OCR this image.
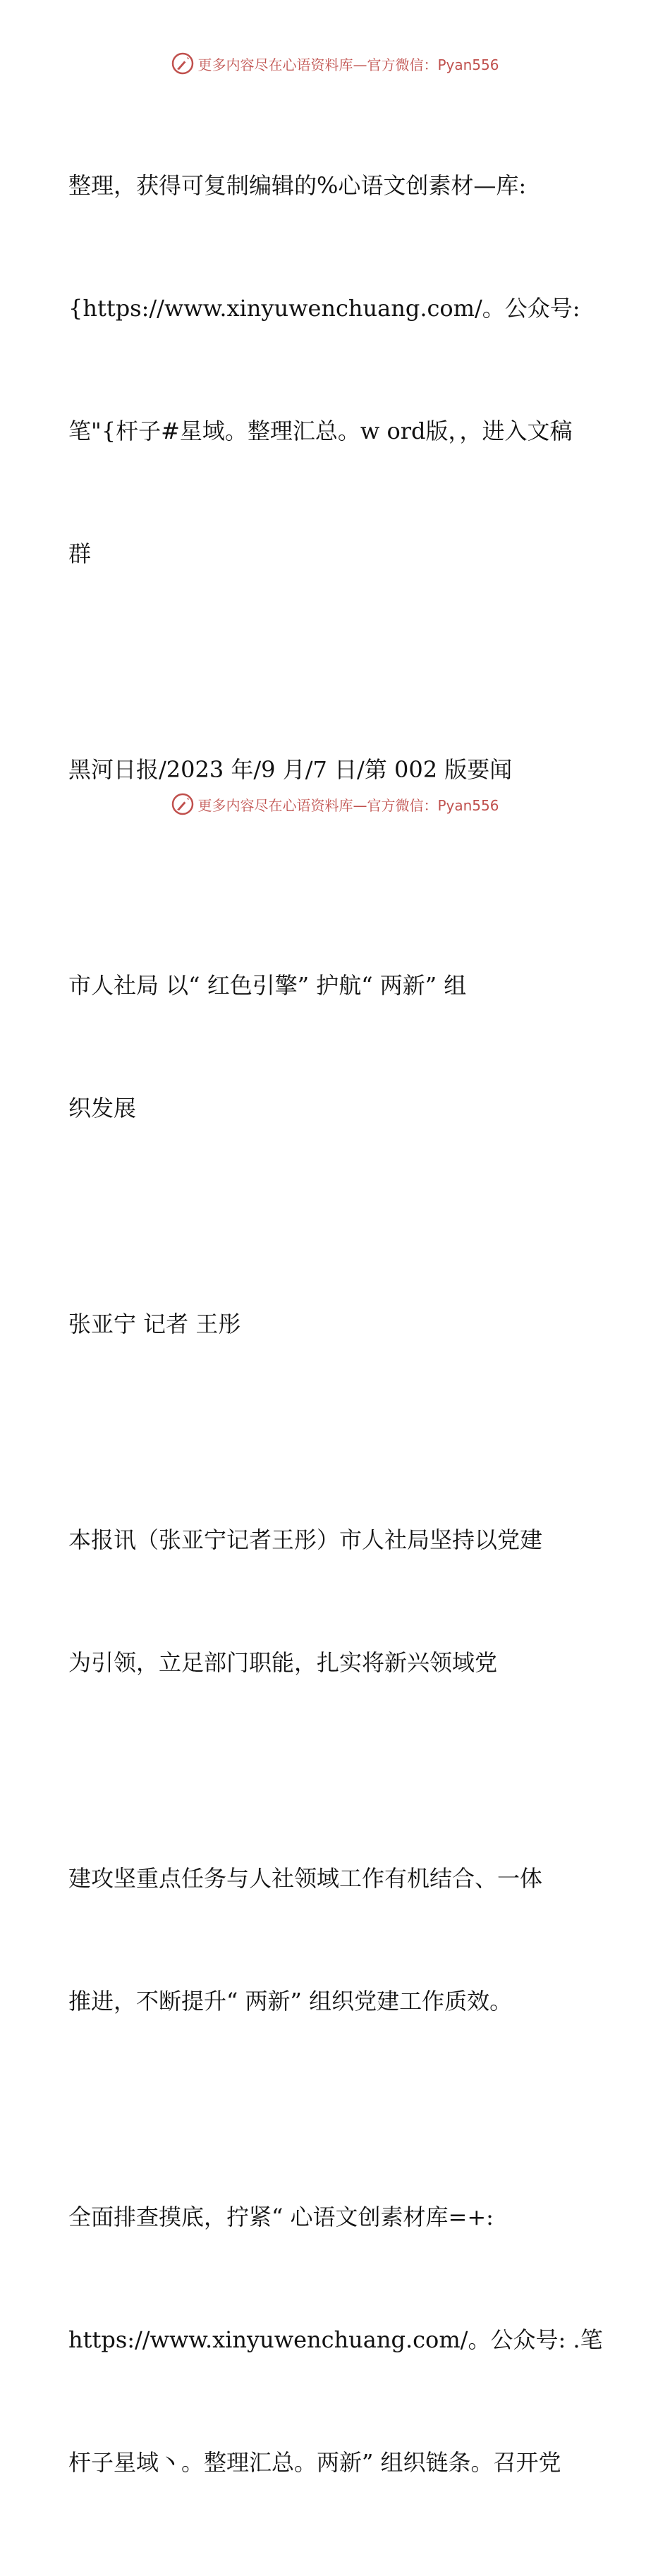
更多内容尽在心语资料库—官方微信：Pyan556

整理，获得可复制编辑的%心语文创素材—库:

{https://www.xinyuwenchuang.com/。公众号:

笔"{杆子#星域。整理汇总。w ord版，，进入文稿

群

黑河日报/2023 年/9 月/7 日/第 002 版要闻

市人社局 以“ 红色引擎” 护航“ 两新” 组

织发展

张亚宁 记者 王彤

本报讯（张亚宁记者王彤）市人社局坚持以党建

为引领，立足部门职能，扎实将新兴领域党

建攻坚重点任务与人社领域工作有机结合、一体

推进，不断提升“ 两新” 组织党建工作质效。

全面排查摸底，拧紧“ 心语文创素材库=+:

https://www.xinyuwenchuang.com/。公众号: .笔

杆子星域丶。整理汇总。两新” 组织链条。召开党

更多内容尽在心语资料库—官方微信：Pyan556
